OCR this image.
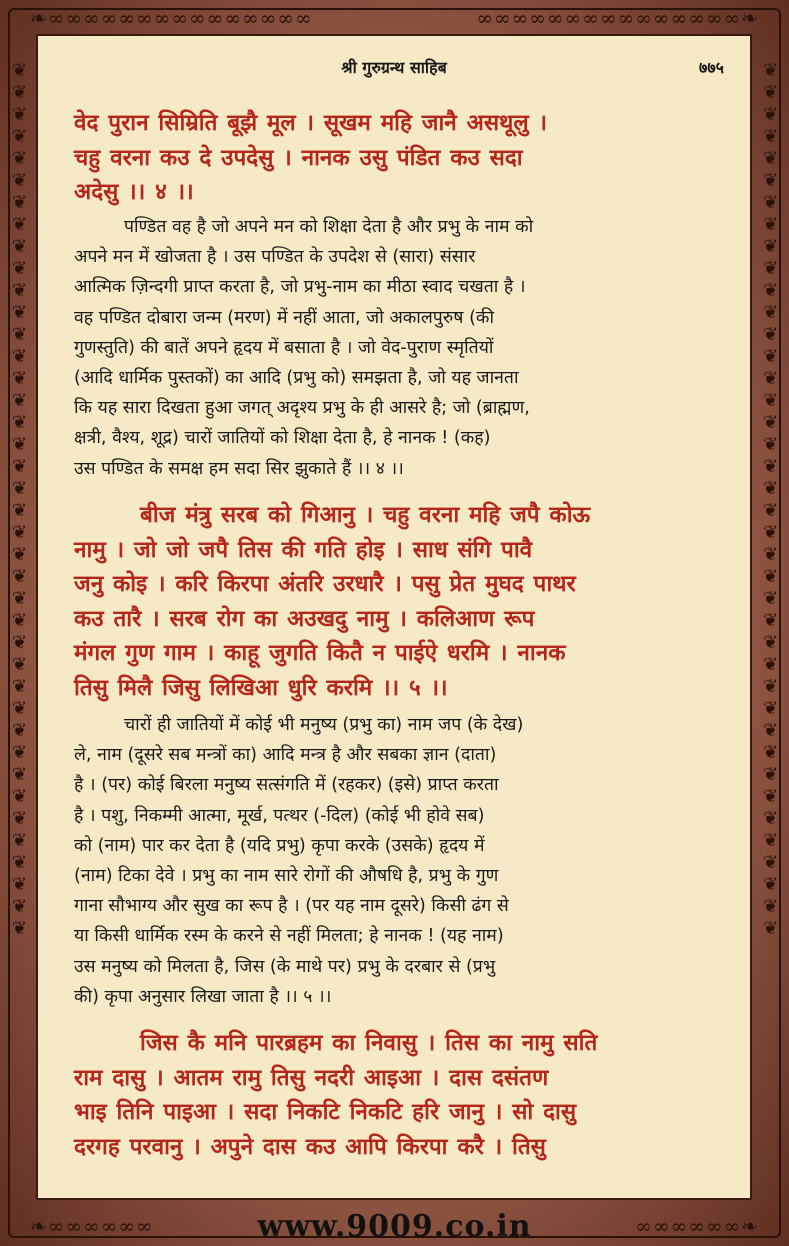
❧∞∞∞∞∞∞∞∞∞∞∞∞∞∞∞	∞∞∞∞∞∞∞∞∞∞∞∞∞∞∞❧
❧∞∞∞∞∞∞	∞∞∞∞∞∞❧
❦❦❦❦❦❦❦❦❦❦❦❦❦❦❦❦❦❦❦❦❦❦❦❦❦❦❦❦❦❦❦❦❦❦❦❦❦❦❦❦	❦❦❦❦❦❦❦❦❦❦❦❦❦❦❦❦❦❦❦❦❦❦❦❦❦❦❦❦❦❦❦❦❦❦❦❦❦❦❦❦
www.9009.co.in
श्री गुरुग्रन्थ साहिब	७७५
वेद पुरान सिम्रिति बूझै मूल । सूखम महि जानै असथूलु ।
चहु वरना कउ दे उपदेसु । नानक उसु पंडित कउ सदा
अदेसु ।। ४ ।।
पण्डित वह है जो अपने मन को शिक्षा देता है और प्रभु के नाम को
अपने मन में खोजता है । उस पण्डित के उपदेश से (सारा) संसार
आत्मिक ज़िन्दगी प्राप्त करता है, जो प्रभु-नाम का मीठा स्वाद चखता है ।
वह पण्डित दोबारा जन्म (मरण) में नहीं आता, जो अकालपुरुष (की
गुणस्तुति) की बातें अपने हृदय में बसाता है । जो वेद-पुराण स्मृतियों
(आदि धार्मिक पुस्तकों) का आदि (प्रभु को) समझता है, जो यह जानता
कि यह सारा दिखता हुआ जगत् अदृश्य प्रभु के ही आसरे है; जो (ब्राह्मण,
क्षत्री, वैश्य, शूद्र) चारों जातियों को शिक्षा देता है, हे नानक ! (कह)
उस पण्डित के समक्ष हम सदा सिर झुकाते हैं ।। ४ ।।
बीज मंत्रु सरब को गिआनु । चहु वरना महि जपै कोऊ
नामु । जो जो जपै तिस की गति होइ । साध संगि पावै
जनु कोइ । करि किरपा अंतरि उरधारै । पसु प्रेत मुघद पाथर
कउ तारै । सरब रोग का अउखदु नामु । कलिआण रूप
मंगल गुण गाम । काहू जुगति कितै न पाईऐ धरमि । नानक
तिसु मिलै जिसु लिखिआ धुरि करमि ।। ५ ।।
चारों ही जातियों में कोई भी मनुष्य (प्रभु का) नाम जप (के देख)
ले, नाम (दूसरे सब मन्त्रों का) आदि मन्त्र है और सबका ज्ञान (दाता)
है । (पर) कोई बिरला मनुष्य सत्संगति में (रहकर) (इसे) प्राप्त करता
है । पशु, निकम्मी आत्मा, मूर्ख, पत्थर (-दिल) (कोई भी होवे सब)
को (नाम) पार कर देता है (यदि प्रभु) कृपा करके (उसके) हृदय में
(नाम) टिका देवे । प्रभु का नाम सारे रोगों की औषधि है, प्रभु के गुण
गाना सौभाग्य और सुख का रूप है । (पर यह नाम दूसरे) किसी ढंग से
या किसी धार्मिक रस्म के करने से नहीं मिलता; हे नानक ! (यह नाम)
उस मनुष्य को मिलता है, जिस (के माथे पर) प्रभु के दरबार से (प्रभु
की) कृपा अनुसार लिखा जाता है ।। ५ ।।
जिस कै मनि पारब्रहम का निवासु । तिस का नामु सति
राम दासु । आतम रामु तिसु नदरी आइआ । दास दसंतण
भाइ तिनि पाइआ । सदा निकटि निकटि हरि जानु । सो दासु
दरगह परवानु । अपुने दास कउ आपि किरपा करै । तिसु
